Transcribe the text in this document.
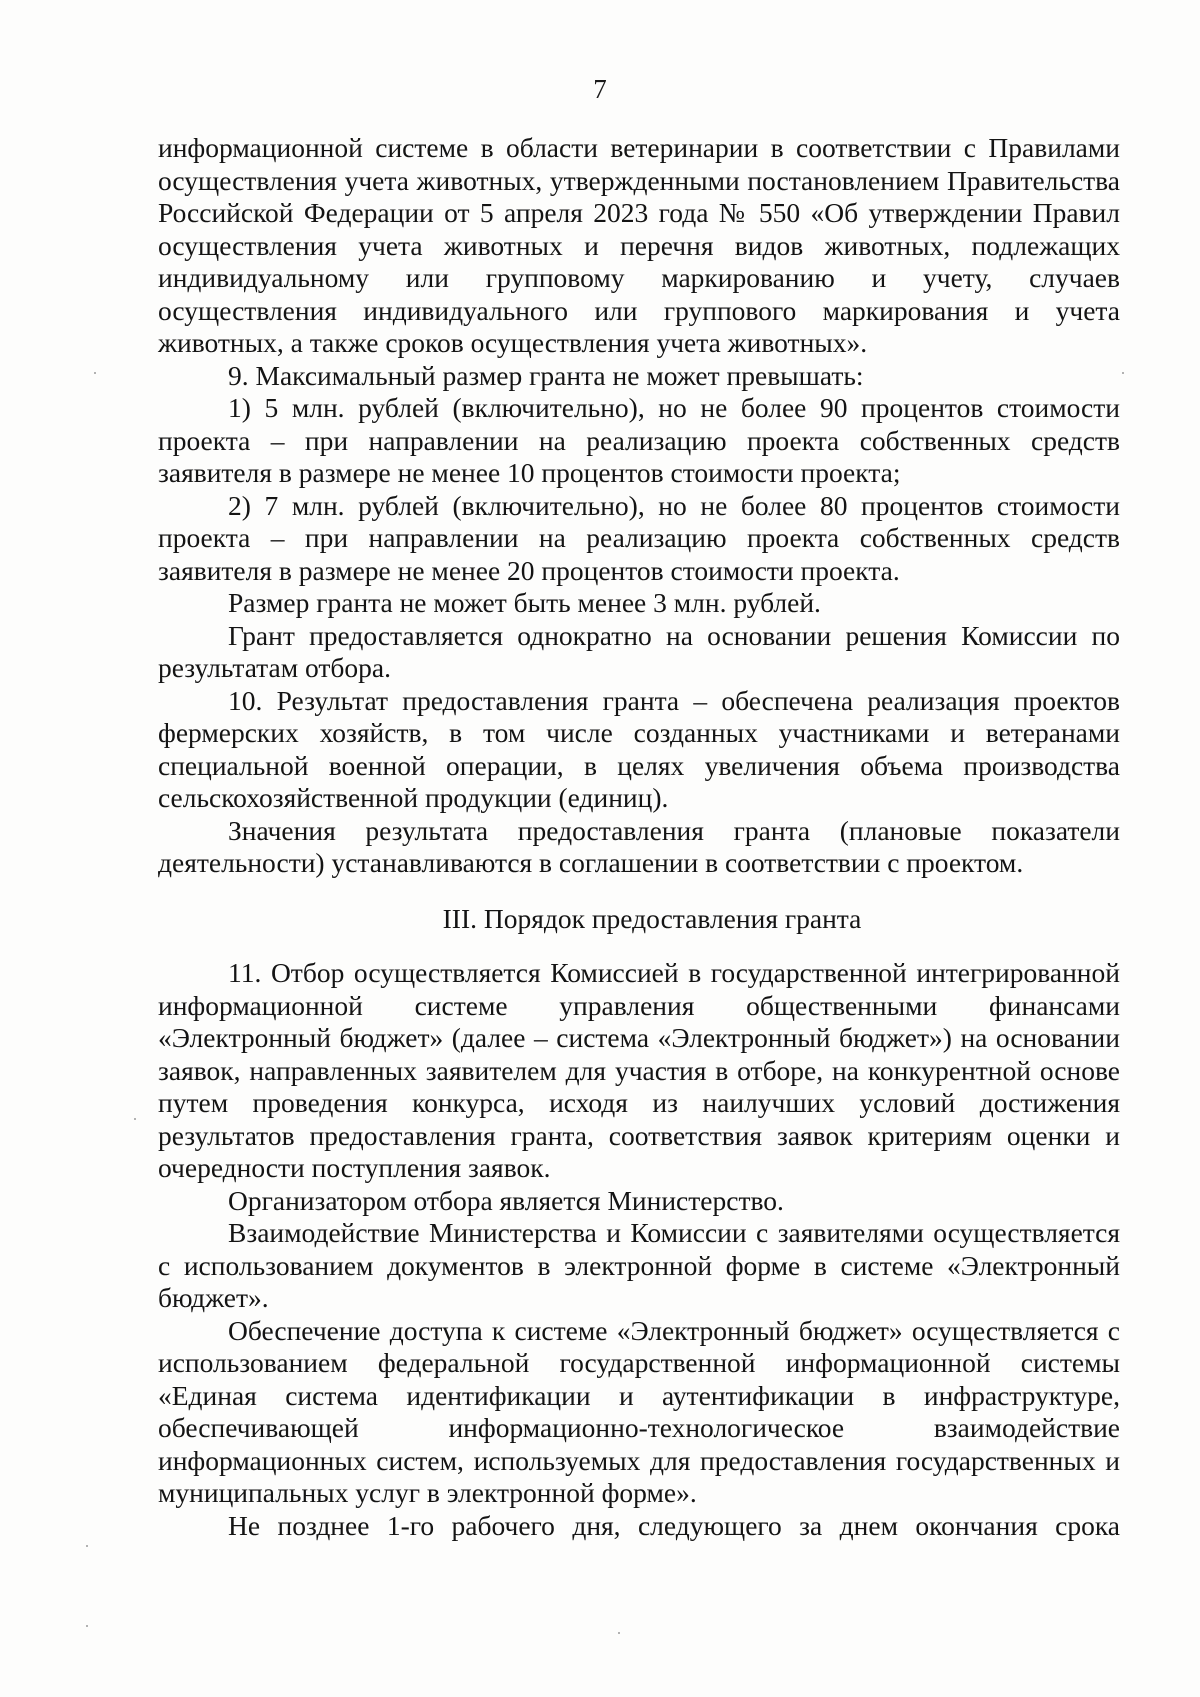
7

информационной системе в области ветеринарии в соответствии с Правилами осуществления учета животных, утвержденными постановлением Правительства Российской Федерации от 5 апреля 2023 года № 550 «Об утверждении Правил осуществления учета животных и перечня видов животных, подлежащих индивидуальному или групповому маркированию и учету, случаев осуществления индивидуального или группового маркирования и учета животных, а также сроков осуществления учета животных».

9. Максимальный размер гранта не может превышать:

1) 5 млн. рублей (включительно), но не более 90 процентов стоимости проекта – при направлении на реализацию проекта собственных средств заявителя в размере не менее 10 процентов стоимости проекта;

2) 7 млн. рублей (включительно), но не более 80 процентов стоимости проекта – при направлении на реализацию проекта собственных средств заявителя в размере не менее 20 процентов стоимости проекта.

Размер гранта не может быть менее 3 млн. рублей.

Грант предоставляется однократно на основании решения Комиссии по результатам отбора.

10. Результат предоставления гранта – обеспечена реализация проектов фермерских хозяйств, в том числе созданных участниками и ветеранами специальной военной операции, в целях увеличения объема производства сельскохозяйственной продукции (единиц).

Значения результата предоставления гранта (плановые показатели деятельности) устанавливаются в соглашении в соответствии с проектом.

III. Порядок предоставления гранта

11. Отбор осуществляется Комиссией в государственной интегрированной информационной системе управления общественными финансами «Электронный бюджет» (далее – система «Электронный бюджет») на основании заявок, направленных заявителем для участия в отборе, на конкурентной основе путем проведения конкурса, исходя из наилучших условий достижения результатов предоставления гранта, соответствия заявок критериям оценки и очередности поступления заявок.

Организатором отбора является Министерство.

Взаимодействие Министерства и Комиссии с заявителями осуществляется с использованием документов в электронной форме в системе «Электронный бюджет».

Обеспечение доступа к системе «Электронный бюджет» осуществляется с использованием федеральной государственной информационной системы «Единая система идентификации и аутентификации в инфраструктуре, обеспечивающей информационно-технологическое взаимодействие информационных систем, используемых для предоставления государственных и муниципальных услуг в электронной форме».

Не позднее 1-го рабочего дня, следующего за днем окончания срока
